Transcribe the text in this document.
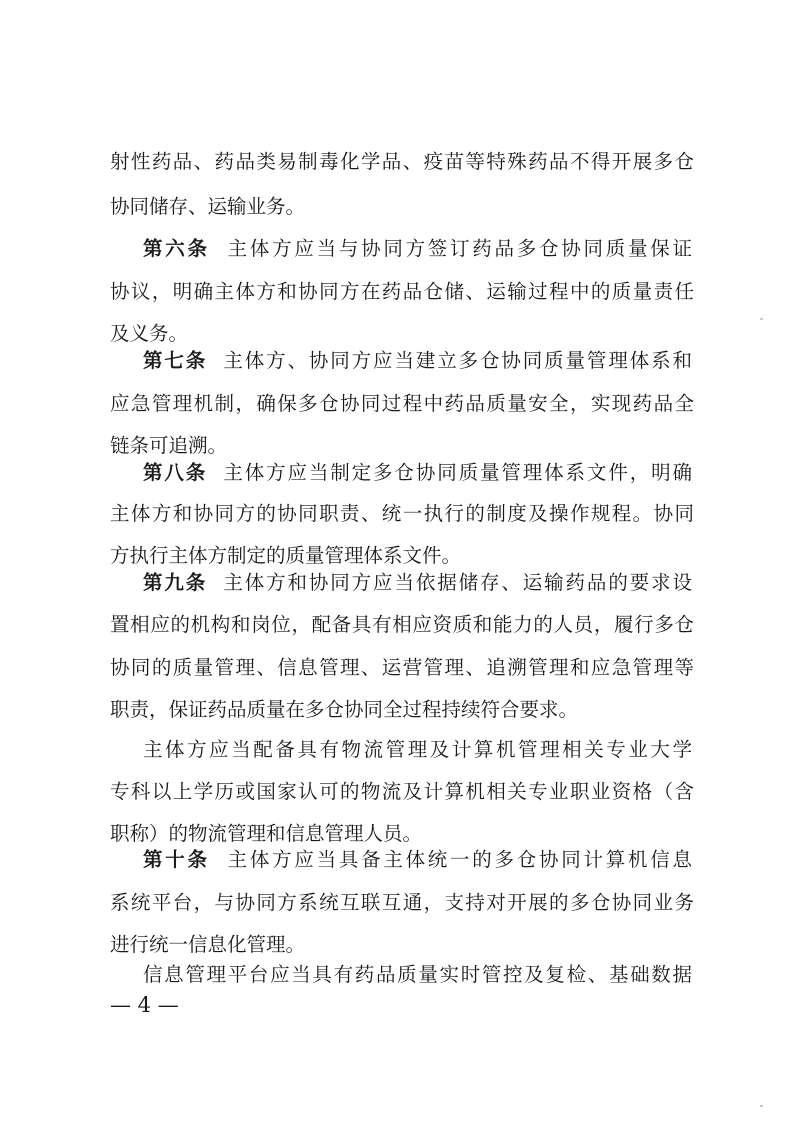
射性药品、药品类易制毒化学品、疫苗等特殊药品不得开展多仓
协同储存、运输业务。
第六条  主体方应当与协同方签订药品多仓协同质量保证
协议，明确主体方和协同方在药品仓储、运输过程中的质量责任
及义务。
第七条  主体方、协同方应当建立多仓协同质量管理体系和
应急管理机制，确保多仓协同过程中药品质量安全，实现药品全
链条可追溯。
第八条  主体方应当制定多仓协同质量管理体系文件，明确
主体方和协同方的协同职责、统一执行的制度及操作规程。协同
方执行主体方制定的质量管理体系文件。
第九条  主体方和协同方应当依据储存、运输药品的要求设
置相应的机构和岗位，配备具有相应资质和能力的人员，履行多仓
协同的质量管理、信息管理、运营管理、追溯管理和应急管理等
职责，保证药品质量在多仓协同全过程持续符合要求。
主体方应当配备具有物流管理及计算机管理相关专业大学
专科以上学历或国家认可的物流及计算机相关专业职业资格（含
职称）的物流管理和信息管理人员。
第十条  主体方应当具备主体统一的多仓协同计算机信息
系统平台，与协同方系统互联互通，支持对开展的多仓协同业务
进行统一信息化管理。
信息管理平台应当具有药品质量实时管控及复检、基础数据
— 4 —
